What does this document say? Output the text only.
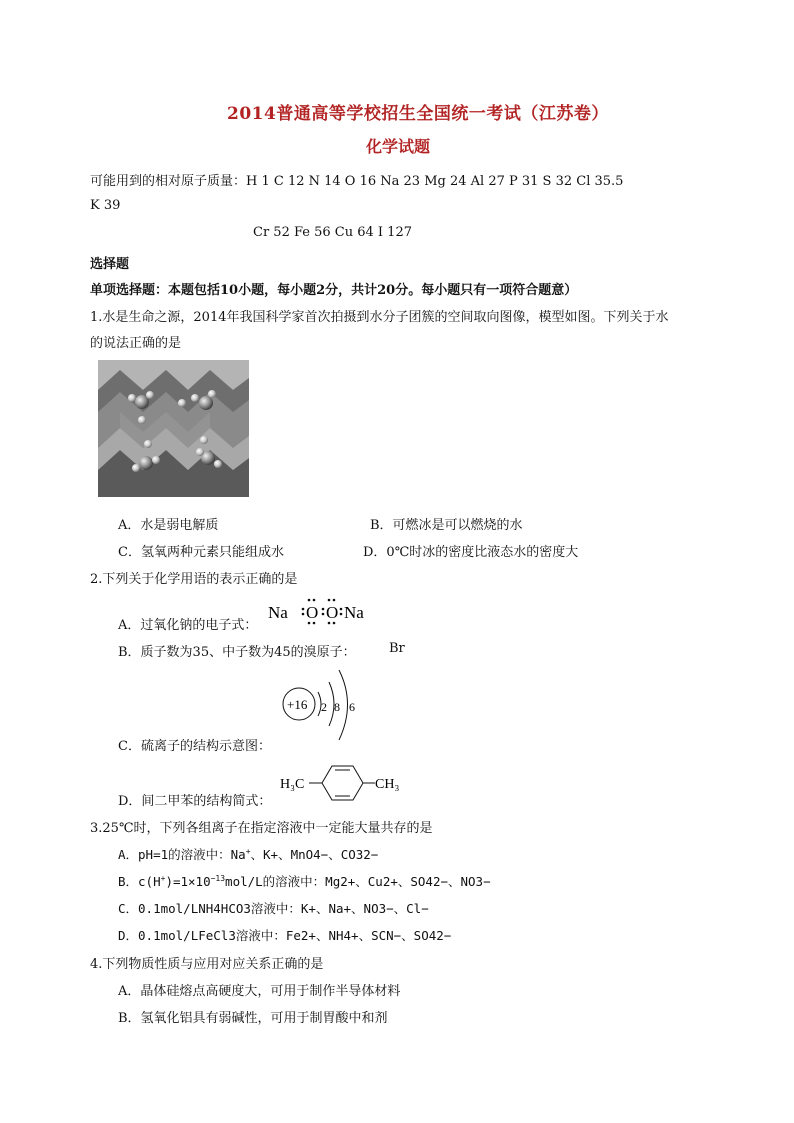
2014普通高等学校招生全国统一考试（江苏卷）
化学试题
可能用到的相对原子质量：H 1 C 12 N 14 O 16 Na 23 Mg 24 Al 27 P 31 S 32 Cl 35.5
K 39
Cr 52 Fe 56 Cu 64 I 127
选择题
单项选择题：本题包括10小题，每小题2分，共计20分。每小题只有一项符合题意）
1.水是生命之源，2014年我国科学家首次拍摄到水分子团簇的空间取向图像，模型如图。下列关于水
的说法正确的是
A．水是弱电解质	B．可燃冰是可以燃烧的水
C．氢氧两种元素只能组成水	D．0℃时冰的密度比液态水的密度大
2.下列关于化学用语的表示正确的是
A．过氧化钠的电子式：
Na O O Na
B．质子数为35、中子数为45的溴原子：	Br
C．硫离子的结构示意图：
+16 2 8 6
D．间二甲苯的结构简式：
H₃C	CH₃
3.25℃时，下列各组离子在指定溶液中一定能大量共存的是
A．pH=1的溶液中：Na+、K+、MnO4−、CO32−
B．$c(H^+)=1\times 10^{-13}mol/L$的溶液中：Mg2+、Cu2+、SO42−、NO3−
C．0.1mol/LNH4HCO3溶液中：K+、Na+、NO3−、Cl−
D．0.1mol/LFeCl3溶液中：Fe2+、NH4+、SCN−、SO42−
4.下列物质性质与应用对应关系正确的是
A．晶体硅熔点高硬度大，可用于制作半导体材料
B．氢氧化铝具有弱碱性，可用于制胃酸中和剂
